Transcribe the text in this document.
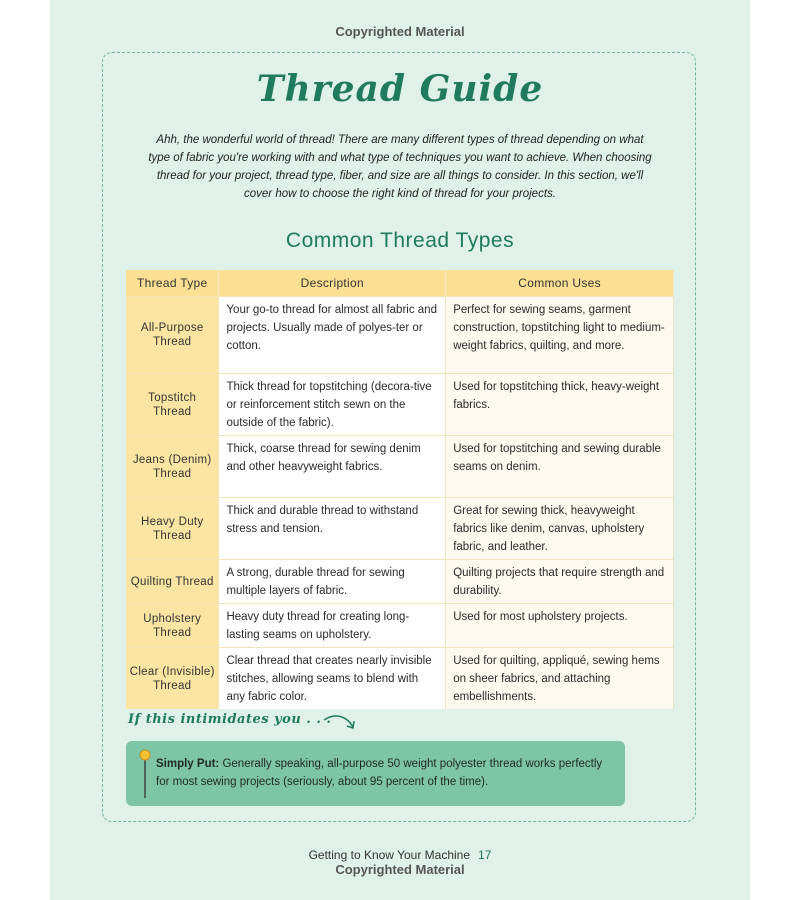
Copyrighted Material
Thread Guide
Ahh, the wonderful world of thread! There are many different types of thread depending on what type of fabric you're working with and what type of techniques you want to achieve. When choosing thread for your project, thread type, fiber, and size are all things to consider. In this section, we'll cover how to choose the right kind of thread for your projects.
Common Thread Types
Thread Type	Description	Common Uses
All-Purpose Thread	Your go-to thread for almost all fabric and projects. Usually made of polyes-ter or cotton.	Perfect for sewing seams, garment construction, topstitching light to medium-weight fabrics, quilting, and more.
Topstitch Thread	Thick thread for topstitching (decora-tive or reinforcement stitch sewn on the outside of the fabric).	Used for topstitching thick, heavy-weight fabrics.
Jeans (Denim) Thread	Thick, coarse thread for sewing denim and other heavyweight fabrics.	Used for topstitching and sewing durable seams on denim.
Heavy Duty Thread	Thick and durable thread to withstand stress and tension.	Great for sewing thick, heavyweight fabrics like denim, canvas, upholstery fabric, and leather.
Quilting Thread	A strong, durable thread for sewing multiple layers of fabric.	Quilting projects that require strength and durability.
Upholstery Thread	Heavy duty thread for creating long-lasting seams on upholstery.	Used for most upholstery projects.
Clear (Invisible) Thread	Clear thread that creates nearly invisible stitches, allowing seams to blend with any fabric color.	Used for quilting, appliqué, sewing hems on sheer fabrics, and attaching embellishments.
If this intimidates you . . .
Simply Put: Generally speaking, all-purpose 50 weight polyester thread works perfectly for most sewing projects (seriously, about 95 percent of the time).
Getting to Know Your Machine 17
Copyrighted Material
